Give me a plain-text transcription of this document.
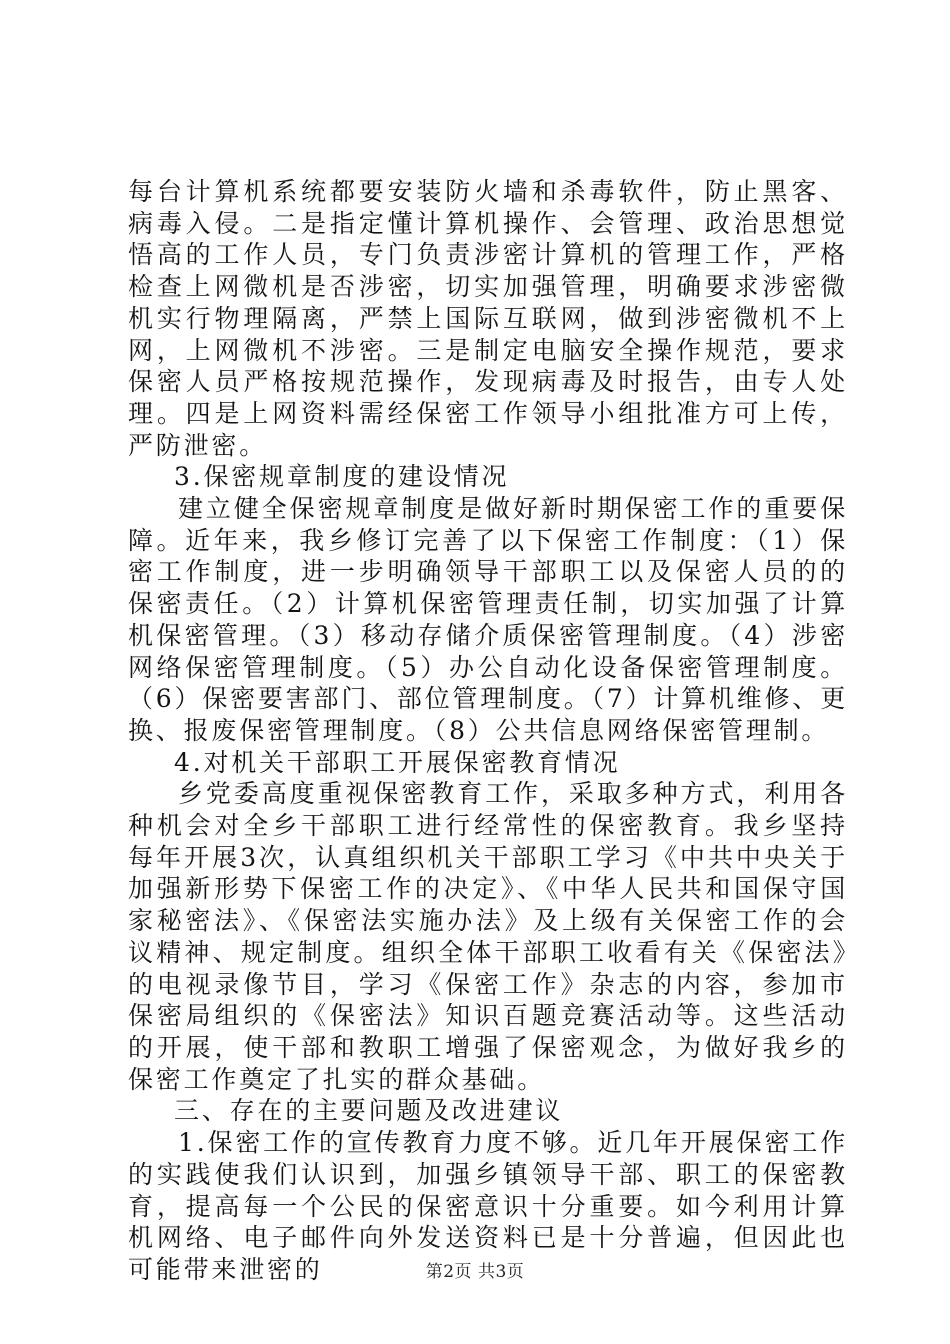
每台计算机系统都要安装防火墙和杀毒软件，防止黑客、病毒入侵。二是指定懂计算机操作、会管理、政治思想觉悟高的工作人员，专门负责涉密计算机的管理工作，严格检查上网微机是否涉密，切实加强管理，明确要求涉密微机实行物理隔离，严禁上国际互联网，做到涉密微机不上网，上网微机不涉密。三是制定电脑安全操作规范，要求保密人员严格按规范操作，发现病毒及时报告，由专人处理。四是上网资料需经保密工作领导小组批准方可上传，严防泄密。

3.保密规章制度的建设情况

建立健全保密规章制度是做好新时期保密工作的重要保障。近年来，我乡修订完善了以下保密工作制度：（1）保密工作制度，进一步明确领导干部职工以及保密人员的的保密责任。（2）计算机保密管理责任制，切实加强了计算机保密管理。（3）移动存储介质保密管理制度。（4）涉密网络保密管理制度。（5）办公自动化设备保密管理制度。（6）保密要害部门、部位管理制度。（7）计算机维修、更换、报废保密管理制度。（8）公共信息网络保密管理制。

4.对机关干部职工开展保密教育情况

乡党委高度重视保密教育工作，采取多种方式，利用各种机会对全乡干部职工进行经常性的保密教育。我乡坚持每年开展3次，认真组织机关干部职工学习《中共中央关于加强新形势下保密工作的决定》、《中华人民共和国保守国家秘密法》、《保密法实施办法》及上级有关保密工作的会议精神、规定制度。组织全体干部职工收看有关《保密法》的电视录像节目，学习《保密工作》杂志的内容，参加市保密局组织的《保密法》知识百题竞赛活动等。这些活动的开展，使干部和教职工增强了保密观念，为做好我乡的保密工作奠定了扎实的群众基础。

三、存在的主要问题及改进建议

1.保密工作的宣传教育力度不够。近几年开展保密工作的实践使我们认识到，加强乡镇领导干部、职工的保密教育，提高每一个公民的保密意识十分重要。如今利用计算机网络、电子邮件向外发送资料已是十分普遍，但因此也可能带来泄密的	第2页 共3页
